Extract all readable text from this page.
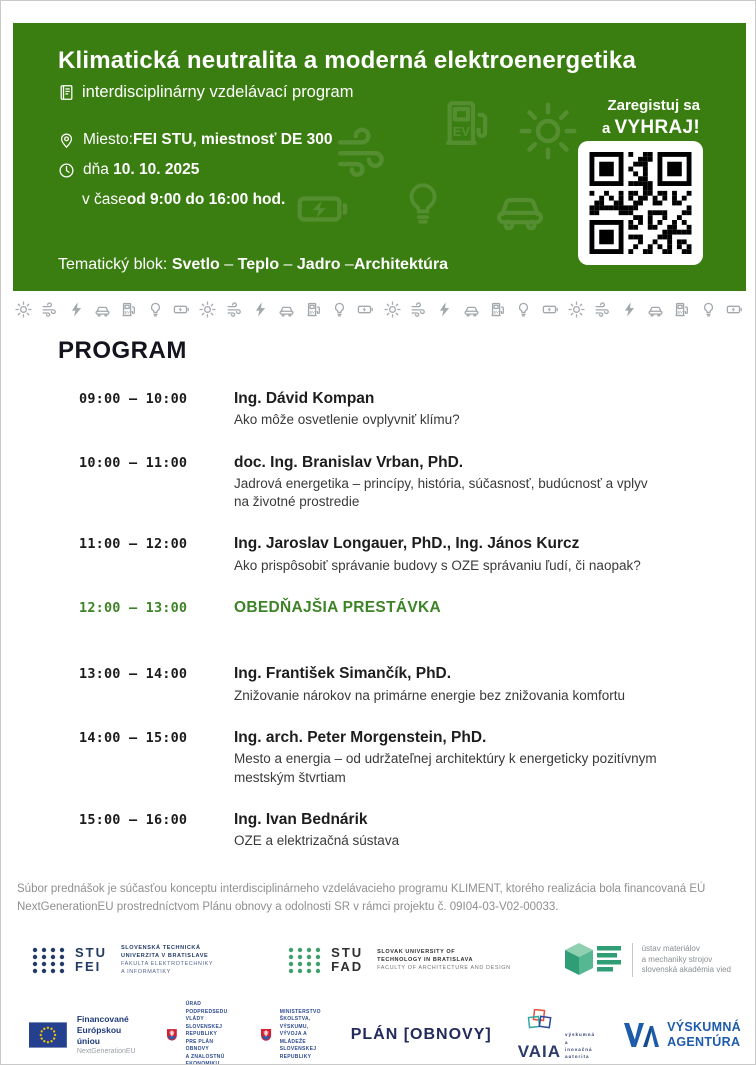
Klimatická neutralita a moderná elektroenergetika
interdisciplinárny vzdelávací program
Miesto:FEI STU, miestnosť DE 300
dňa 10. 10. 2025
v časeod 9:00 do 16:00 hod.
Zaregistuj sa
a VYHRAJ!
Tematický blok: Svetlo – Teplo – Jadro –Architektúra
PROGRAM
09:00 – 10:00	Ing. Dávid Kompan
Ako môže osvetlenie ovplyvniť klímu?
10:00 – 11:00	doc. Ing. Branislav Vrban, PhD.
Jadrová energetika – princípy, história, súčasnosť, budúcnosť a vplyv na životné prostredie
11:00 – 12:00	Ing. Jaroslav Longauer, PhD., Ing. János Kurcz
Ako prispôsobiť správanie budovy s OZE správaniu ľudí, či naopak?
12:00 – 13:00	OBEDŇAJŠIA PRESTÁVKA
13:00 – 14:00	Ing. František Simančík, PhD.
Znižovanie nárokov na primárne energie bez znižovania komfortu
14:00 – 15:00	Ing. arch. Peter Morgenstein, PhD.
Mesto a energia – od udržateľnej architektúry k energeticky pozitívnym mestským štvrtiam
15:00 – 16:00	Ing. Ivan Bednárik
OZE a elektrizačná sústava
Súbor prednášok je súčasťou konceptu interdisciplinárneho vzdelávacieho programu KLIMENT, ktorého realizácia bola financovaná EÚ NextGenerationEU prostredníctvom Plánu obnovy a odolnosti SR v rámci projektu č. 09I04-03-V02-00033.
STU
FEI
SLOVENSKÁ TECHNICKÁ
UNIVERZITA V BRATISLAVE
FAKULTA ELEKTROTECHNIKY
A INFORMATIKY
STU
FAD
SLOVAK UNIVERSITY OF
TECHNOLOGY IN BRATISLAVA
FACULTY OF ARCHITECTURE AND DESIGN
ústav materiálov
a mechaniky strojov
slovenská akadémia vied
Financované
Európskou úniou
NextGenerationEU
ÚRAD PODPREDSEDU VLÁDY
SLOVENSKEJ REPUBLIKY
PRE PLÁN OBNOVY
A ZNALOSTNÚ EKONOMIKU
MINISTERSTVO
ŠKOLSTVA, VÝSKUMU,
VÝVOJA A MLÁDEŽE
SLOVENSKEJ REPUBLIKY
PLÁN [OBNOVY]
VAIA
výskumná
a inovačná
autorita
VÝSKUMNÁ
AGENTÚRA
